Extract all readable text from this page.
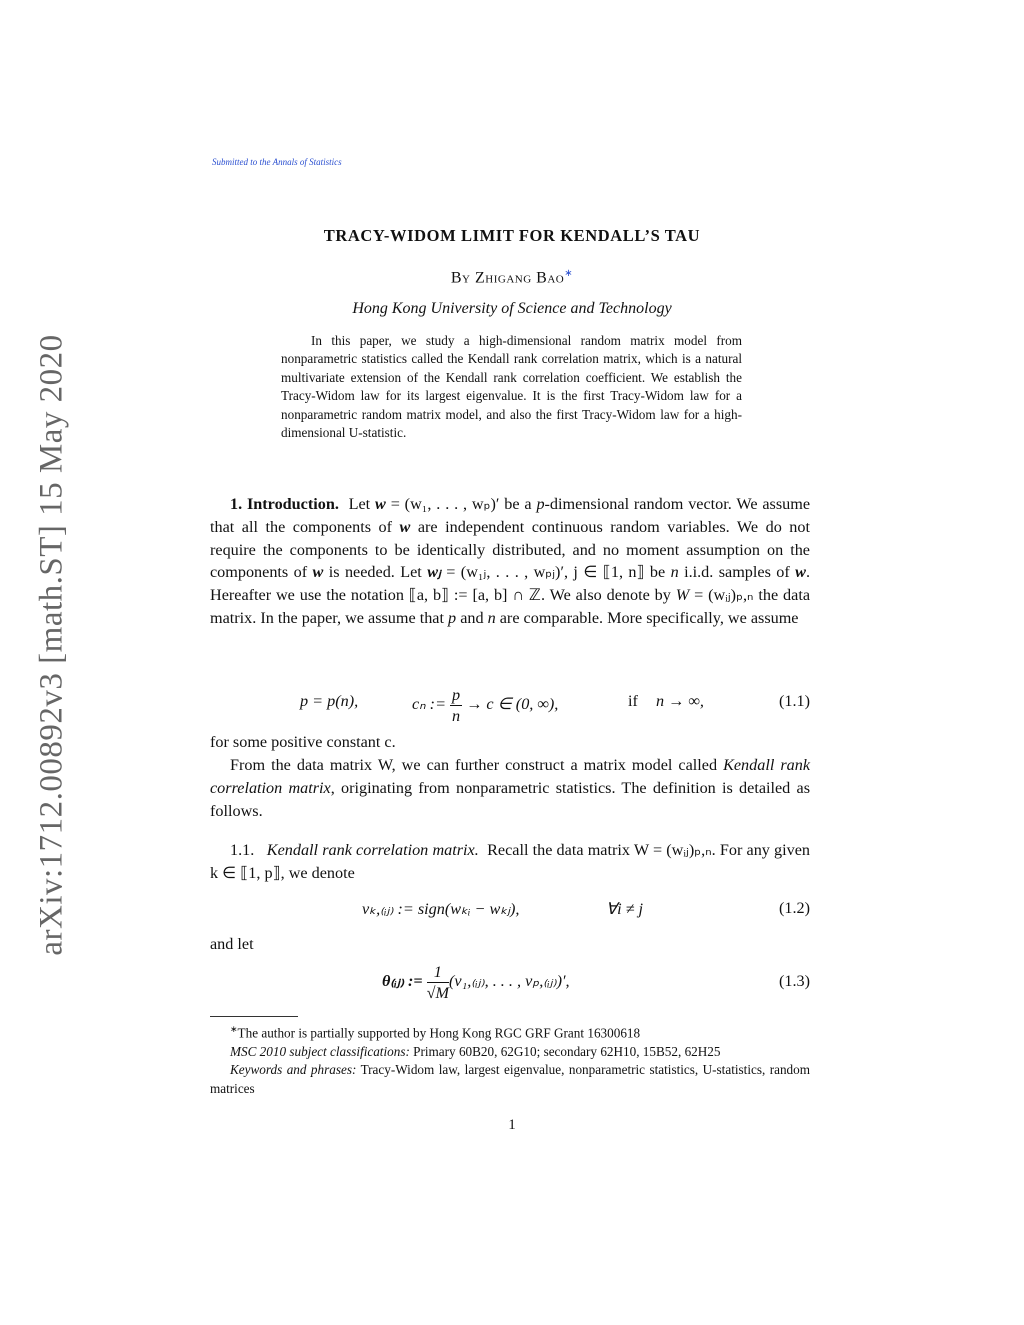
arXiv:1712.00892v3 [math.ST] 15 May 2020
Submitted to the Annals of Statistics
TRACY-WIDOM LIMIT FOR KENDALL’S TAU
By Zhigang Bao∗
Hong Kong University of Science and Technology
In this paper, we study a high-dimensional random matrix model from nonparametric statistics called the Kendall rank correlation matrix, which is a natural multivariate extension of the Kendall rank correlation coefficient. We establish the Tracy-Widom law for its largest eigenvalue. It is the first Tracy-Widom law for a nonparametric random matrix model, and also the first Tracy-Widom law for a high-dimensional U-statistic.
1. Introduction. Let w = (w₁, . . . , wₚ)′ be a p-dimensional random vector. We assume that all the components of w are independent continuous random variables. We do not require the components to be identically distributed, and no moment assumption on the components of w is needed. Let wⱼ = (w₁ⱼ, . . . , wₚⱼ)′, j ∈ ⟦1, n⟧ be n i.i.d. samples of w. Hereafter we use the notation ⟦a, b⟧ := [a, b] ∩ ℤ. We also denote by W = (wᵢⱼ)ₚ,ₙ the data matrix. In the paper, we assume that p and n are comparable. More specifically, we assume
p = p(n),	cₙ := $\frac{p}{n} \to c$ ∈ (0, ∞),	if n → ∞,	(1.1)
for some positive constant c.
From the data matrix W, we can further construct a matrix model called Kendall rank correlation matrix, originating from nonparametric statistics. The definition is detailed as follows.
1.1. Kendall rank correlation matrix. Recall the data matrix W = (wᵢⱼ)ₚ,ₙ. For any given k ∈ ⟦1, p⟧, we denote
vₖ,₍ᵢⱼ₎ := sign(wₖᵢ − wₖⱼ),	∀i ≠ j	(1.2)
and let
θ₍ᵢⱼ₎ := $\frac{1}{√M}$ (v₁,₍ᵢⱼ₎, . . . , vₚ,₍ᵢⱼ₎)′,	(1.3)

∗The author is partially supported by Hong Kong RGC GRF Grant 16300618

MSC 2010 subject classifications: Primary 60B20, 62G10; secondary 62H10, 15B52, 62H25

Keywords and phrases: Tracy-Widom law, largest eigenvalue, nonparametric statistics, U-statistics, random matrices

1
